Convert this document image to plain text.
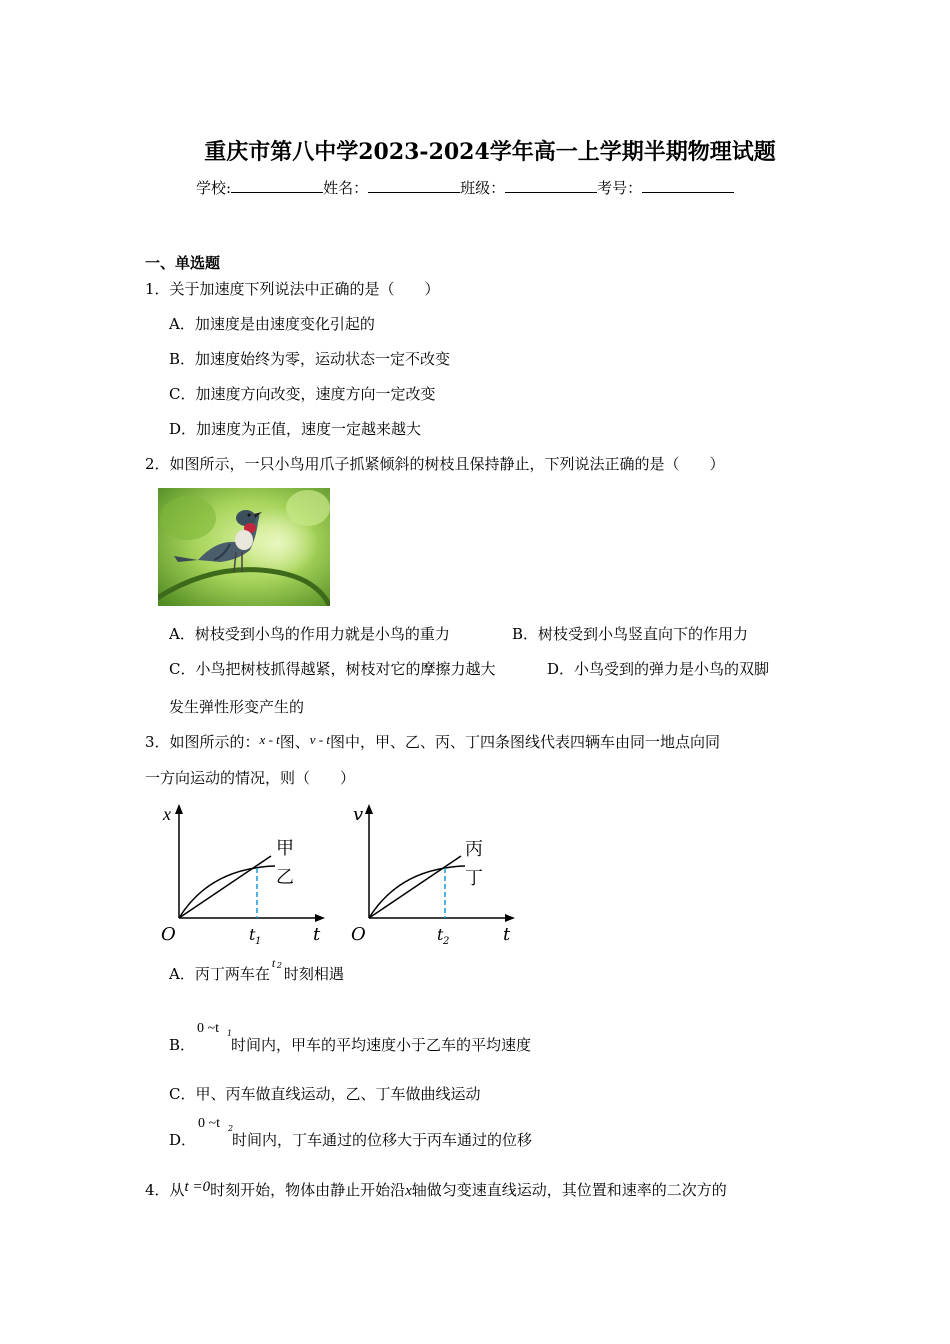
重庆市第八中学2023-2024学年高一上学期半期物理试题
学校:	姓名：	班级：	考号：
一、单选题
1．关于加速度下列说法中正确的是（　　）
A．加速度是由速度变化引起的
B．加速度始终为零，运动状态一定不改变
C．加速度方向改变，速度方向一定改变
D．加速度为正值，速度一定越来越大
2．如图所示，一只小鸟用爪子抓紧倾斜的树枝且保持静止，下列说法正确的是（　　）
A．树枝受到小鸟的作用力就是小鸟的重力	B．树枝受到小鸟竖直向下的作用力
C．小鸟把树枝抓得越紧，树枝对它的摩擦力越大	D．小鸟受到的弹力是小鸟的双脚
发生弹性形变产生的
3．如图所示的：x - t图、v - t图中，甲、乙、丙、丁四条图线代表四辆车由同一地点向同
一方向运动的情况，则（　　）
x
t
O
甲
乙
t 1
v
t
O
丙
丁
t 2
A．丙丁两车在
t 2 时刻相遇
B．
0 ~t 1
时间内，甲车的平均速度小于乙车的平均速度
C．甲、丙车做直线运动，乙、丁车做曲线运动
D．
0 ~t 2
时间内，丁车通过的位移大于丙车通过的位移
4．从t =0时刻开始，物体由静止开始沿x轴做匀变速直线运动，其位置和速率的二次方的
